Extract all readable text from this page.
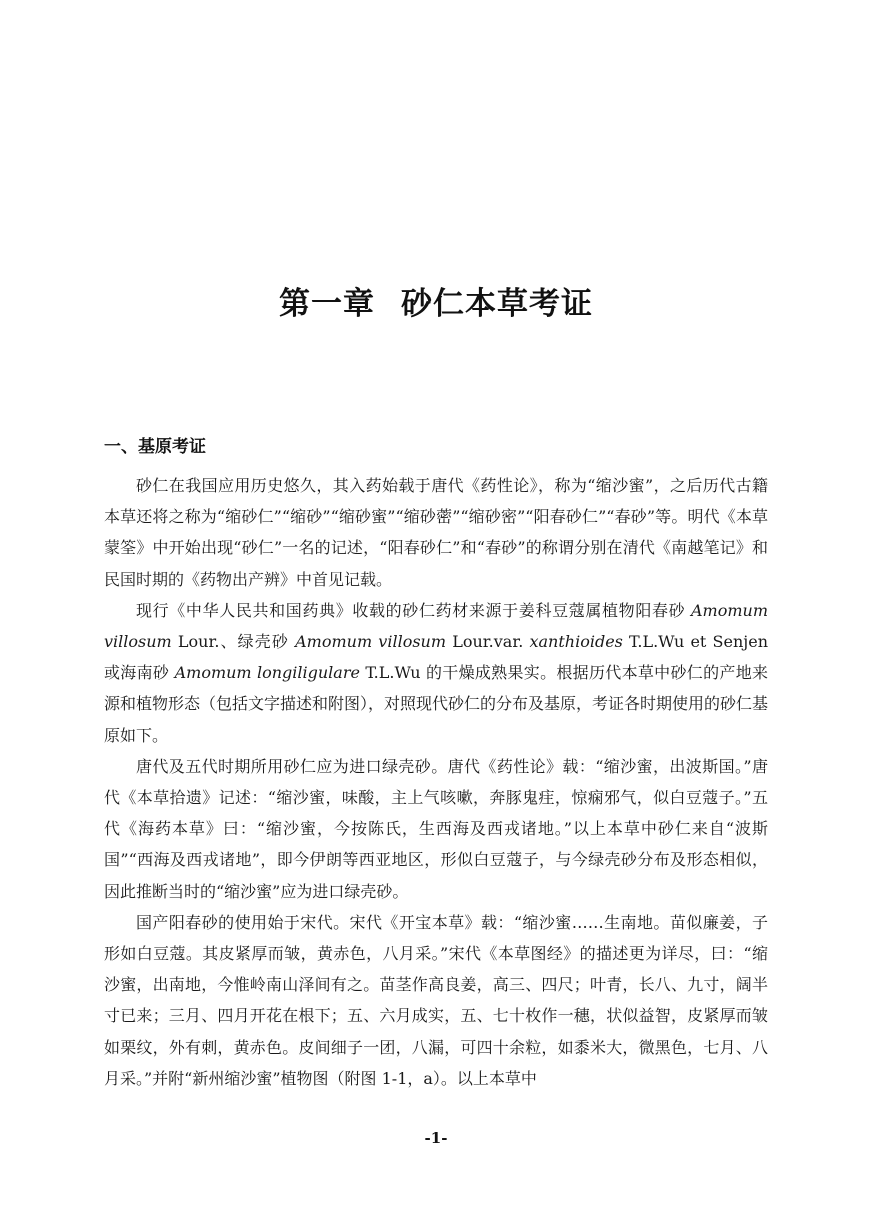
第一章 砂仁本草考证
一、基原考证

砂仁在我国应用历史悠久，其入药始载于唐代《药性论》，称为“缩沙蜜”，之后历代古籍本草还将之称为“缩砂仁”“缩砂”“缩砂蜜”“缩砂蔤”“缩砂密”“阳春砂仁”“春砂”等。明代《本草蒙筌》中开始出现“砂仁”一名的记述，“阳春砂仁”和“春砂”的称谓分别在清代《南越笔记》和民国时期的《药物出产辨》中首见记载。

现行《中华人民共和国药典》收载的砂仁药材来源于姜科豆蔻属植物阳春砂 Amomum villosum Lour.、绿壳砂 Amomum villosum Lour.var. xanthioides T.L.Wu et Senjen 或海南砂 Amomum longiligulare T.L.Wu 的干燥成熟果实。根据历代本草中砂仁的产地来源和植物形态（包括文字描述和附图），对照现代砂仁的分布及基原，考证各时期使用的砂仁基原如下。

唐代及五代时期所用砂仁应为进口绿壳砂。唐代《药性论》载：“缩沙蜜，出波斯国。”唐代《本草拾遗》记述：“缩沙蜜，味酸，主上气咳嗽，奔豚鬼疰，惊痫邪气，似白豆蔻子。”五代《海药本草》曰：“缩沙蜜，今按陈氏，生西海及西戎诸地。”以上本草中砂仁来自“波斯国”“西海及西戎诸地”，即今伊朗等西亚地区，形似白豆蔻子，与今绿壳砂分布及形态相似，因此推断当时的“缩沙蜜”应为进口绿壳砂。

国产阳春砂的使用始于宋代。宋代《开宝本草》载：“缩沙蜜……生南地。苗似廉姜，子形如白豆蔻。其皮紧厚而皱，黄赤色，八月采。”宋代《本草图经》的描述更为详尽，曰：“缩沙蜜，出南地，今惟岭南山泽间有之。苗茎作高良姜，高三、四尺；叶青，长八、九寸，阔半寸已来；三月、四月开花在根下；五、六月成实，五、七十枚作一穗，状似益智，皮紧厚而皱如栗纹，外有刺，黄赤色。皮间细子一团，八漏，可四十余粒，如黍米大，微黑色，七月、八月采。”并附“新州缩沙蜜”植物图（附图 1-1，a）。以上本草中

-1-
